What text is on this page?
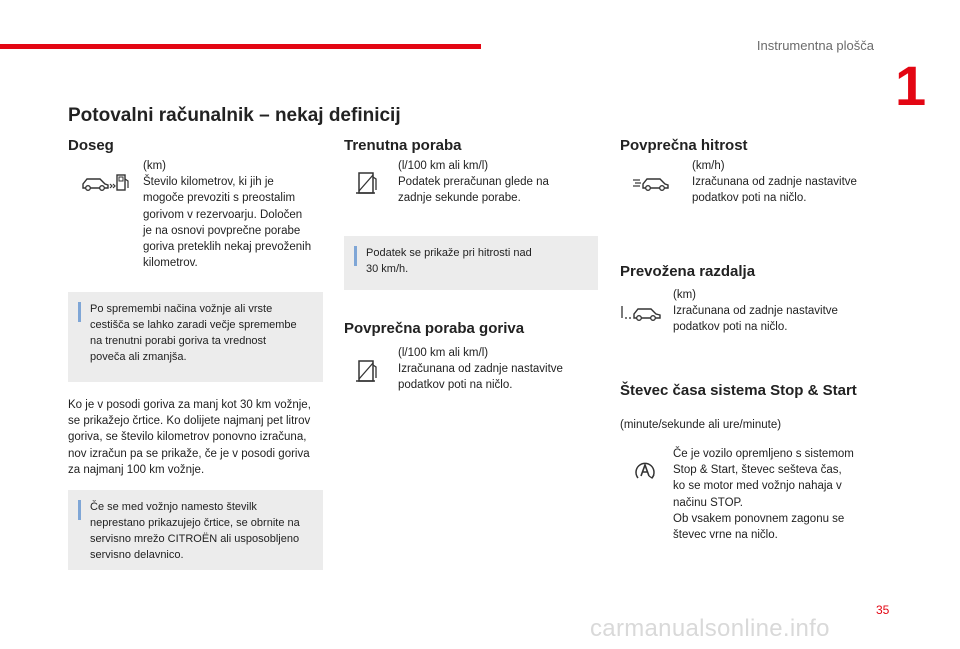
Instrumentna plošča
1
Potovalni računalnik – nekaj definicij
Doseg
(km)
Število kilometrov, ki jih je
mogoče prevoziti s preostalim
gorivom v rezervoarju. Določen
je na osnovi povprečne porabe
goriva preteklih nekaj prevoženih
kilometrov.
Po spremembi načina vožnje ali vrste
cestišča se lahko zaradi večje spremembe
na trenutni porabi goriva ta vrednost
poveča ali zmanjša.
Ko je v posodi goriva za manj kot 30 km vožnje,
se prikažejo črtice. Ko dolijete najmanj pet litrov
goriva, se število kilometrov ponovno izračuna,
nov izračun pa se prikaže, če je v posodi goriva
za najmanj 100 km vožnje.
Če se med vožnjo namesto številk
neprestano prikazujejo črtice, se obrnite na
servisno mrežo CITROËN ali usposobljeno
servisno delavnico.
Trenutna poraba
(l/100 km ali km/l)
Podatek preračunan glede na
zadnje sekunde porabe.
Podatek se prikaže pri hitrosti nad
30 km/h.
Povprečna poraba goriva
(l/100 km ali km/l)
Izračunana od zadnje nastavitve
podatkov poti na ničlo.
Povprečna hitrost
(km/h)
Izračunana od zadnje nastavitve
podatkov poti na ničlo.
Prevožena razdalja
(km)
Izračunana od zadnje nastavitve
podatkov poti na ničlo.
Števec časa sistema Stop & Start
(minute/sekunde ali ure/minute)
Če je vozilo opremljeno s sistemom
Stop & Start, števec sešteva čas,
ko se motor med vožnjo nahaja v
načinu STOP.
Ob vsakem ponovnem zagonu se
števec vrne na ničlo.
35
carmanualsonline.info
